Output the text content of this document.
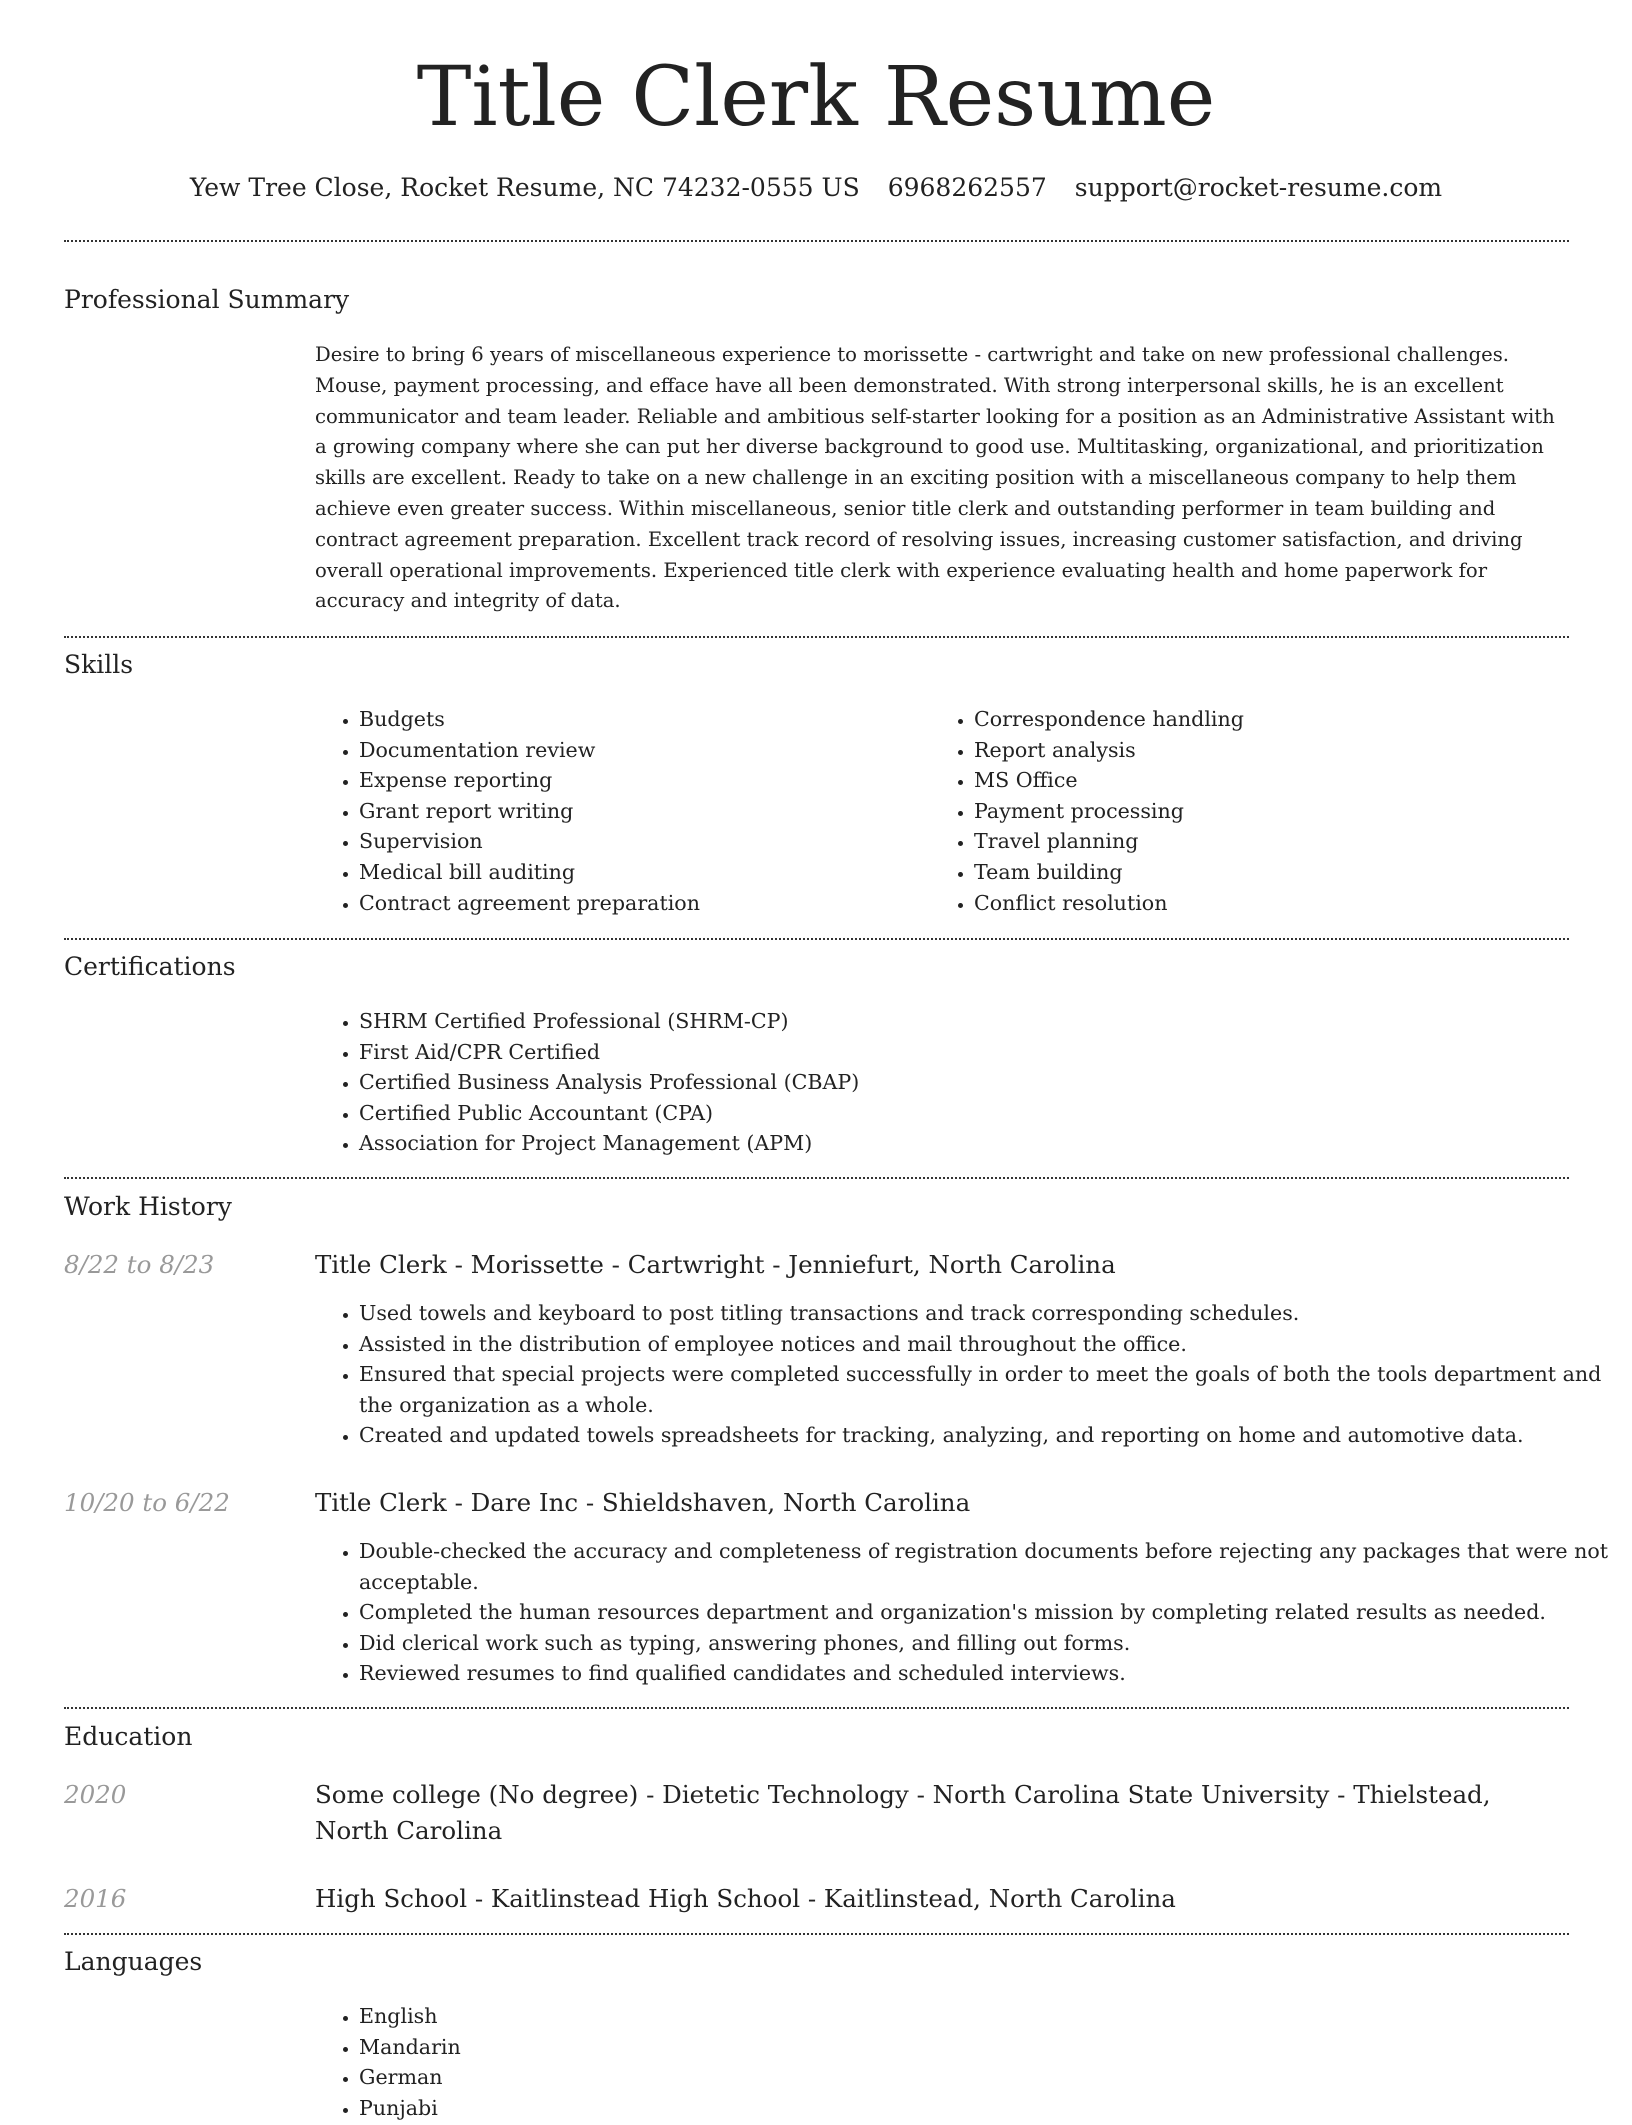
Title Clerk Resume
Yew Tree Close, Rocket Resume, NC 74232-0555 US 6968262557 support@rocket-resume.com
Professional Summary

Desire to bring 6 years of miscellaneous experience to morissette - cartwright and take on new professional challenges. Mouse, payment processing, and efface have all been demonstrated. With strong interpersonal skills, he is an excellent communicator and team leader. Reliable and ambitious self-starter looking for a position as an Administrative Assistant with a growing company where she can put her diverse background to good use. Multitasking, organizational, and prioritization skills are excellent. Ready to take on a new challenge in an exciting position with a miscellaneous company to help them achieve even greater success. Within miscellaneous, senior title clerk and outstanding performer in team building and contract agreement preparation. Excellent track record of resolving issues, increasing customer satisfaction, and driving overall operational improvements. Experienced title clerk with experience evaluating health and home paperwork for accuracy and integrity of data.

Skills
• Budgets
• Documentation review
• Expense reporting
• Grant report writing
• Supervision
• Medical bill auditing
• Contract agreement preparation
• Correspondence handling
• Report analysis
• MS Office
• Payment processing
• Travel planning
• Team building
• Conflict resolution
Certifications
• SHRM Certified Professional (SHRM-CP)
• First Aid/CPR Certified
• Certified Business Analysis Professional (CBAP)
• Certified Public Accountant (CPA)
• Association for Project Management (APM)
Work History
8/22 to 8/23	Title Clerk - Morissette - Cartwright - Jenniefurt, North Carolina
• Used towels and keyboard to post titling transactions and track corresponding schedules.
• Assisted in the distribution of employee notices and mail throughout the office.
• Ensured that special projects were completed successfully in order to meet the goals of both the tools department and the organization as a whole.
• Created and updated towels spreadsheets for tracking, analyzing, and reporting on home and automotive data.
10/20 to 6/22	Title Clerk - Dare Inc - Shieldshaven, North Carolina
• Double-checked the accuracy and completeness of registration documents before rejecting any packages that were not acceptable.
• Completed the human resources department and organization's mission by completing related results as needed.
• Did clerical work such as typing, answering phones, and filling out forms.
• Reviewed resumes to find qualified candidates and scheduled interviews.
Education
2020	Some college (No degree) - Dietetic Technology - North Carolina State University - Thielstead, North Carolina
2016	High School - Kaitlinstead High School - Kaitlinstead, North Carolina
Languages
• English
• Mandarin
• German
• Punjabi
